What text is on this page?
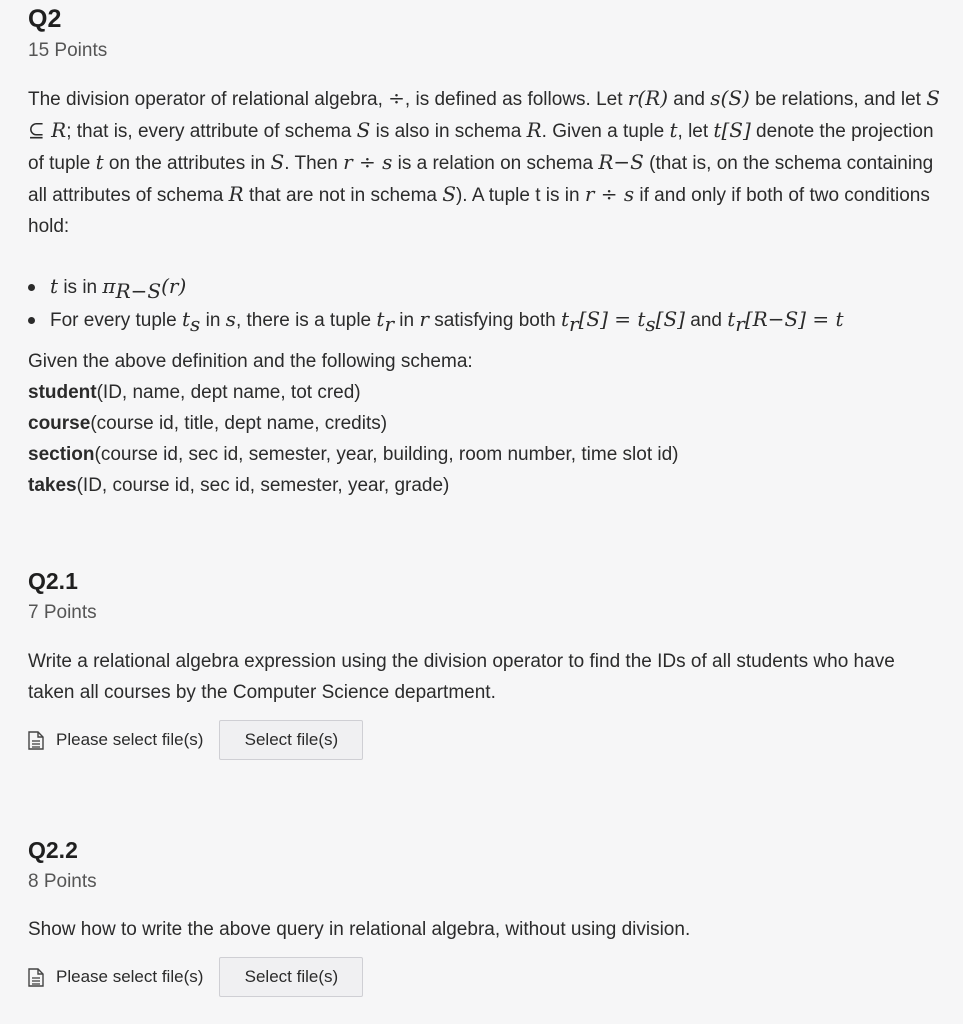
Q2

15 Points

The division operator of relational algebra, ÷, is defined as follows. Let r(R) and s(S) be relations, and let S ⊆ R; that is, every attribute of schema S is also in schema R. Given a tuple t, let t[S] denote the projection of tuple t on the attributes in S. Then r ÷ s is a relation on schema R−S (that is, on the schema containing all attributes of schema R that are not in schema S). A tuple t is in r ÷ s if and only if both of two conditions hold:

t is in $\pi_{R-S}(r)$
For every tuple $t_s$ in s, there is a tuple $t_r$ in r satisfying both $t_r[S] = t_s[S]$ and $t_r[R-S] = t$

Given the above definition and the following schema:

student(ID, name, dept name, tot cred)

course(course id, title, dept name, credits)

section(course id, sec id, semester, year, building, room number, time slot id)

takes(ID, course id, sec id, semester, year, grade)

Q2.1

7 Points

Write a relational algebra expression using the division operator to find the IDs of all students who have taken all courses by the Computer Science department.

Please select file(s)	Select file(s)
Q2.2

8 Points

Show how to write the above query in relational algebra, without using division.

Please select file(s)	Select file(s)
